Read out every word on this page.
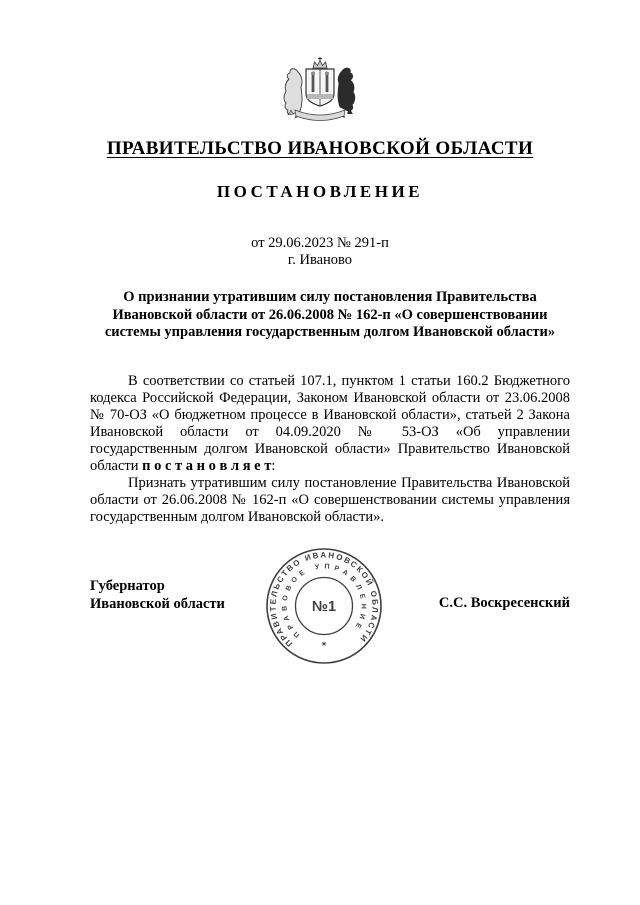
ПРАВИТЕЛЬСТВО ИВАНОВСКОЙ ОБЛАСТИ
ПОСТАНОВЛЕНИЕ
от 29.06.2023 № 291-п
г. Иваново
О признании утратившим силу постановления Правительства
Ивановской области от 26.06.2008 № 162-п «О совершенствовании
системы управления государственным долгом Ивановской области»

В соответствии со статьей 107.1, пунктом 1 статьи 160.2 Бюджетного кодекса Российской Федерации, Законом Ивановской области от 23.06.2008 № 70-ОЗ «О бюджетном процессе в Ивановской области», статьей 2 Закона Ивановской области от 04.09.2020 № 53-ОЗ «Об управлении государственным долгом Ивановской области» Правительство Ивановской области п о с т а н о в л я е т:

Признать утратившим силу постановление Правительства Ивановской области от 26.06.2008 № 162-п «О совершенствовании системы управления государственным долгом Ивановской области».

Губернатор
Ивановской области	С.С. Воскресенский
ПРАВИТЕЛЬСТВО ИВАНОВСКОЙ ОБЛАСТИ
ПРАВОВОЕ УПРАВЛЕНИЕ
№1
✳
